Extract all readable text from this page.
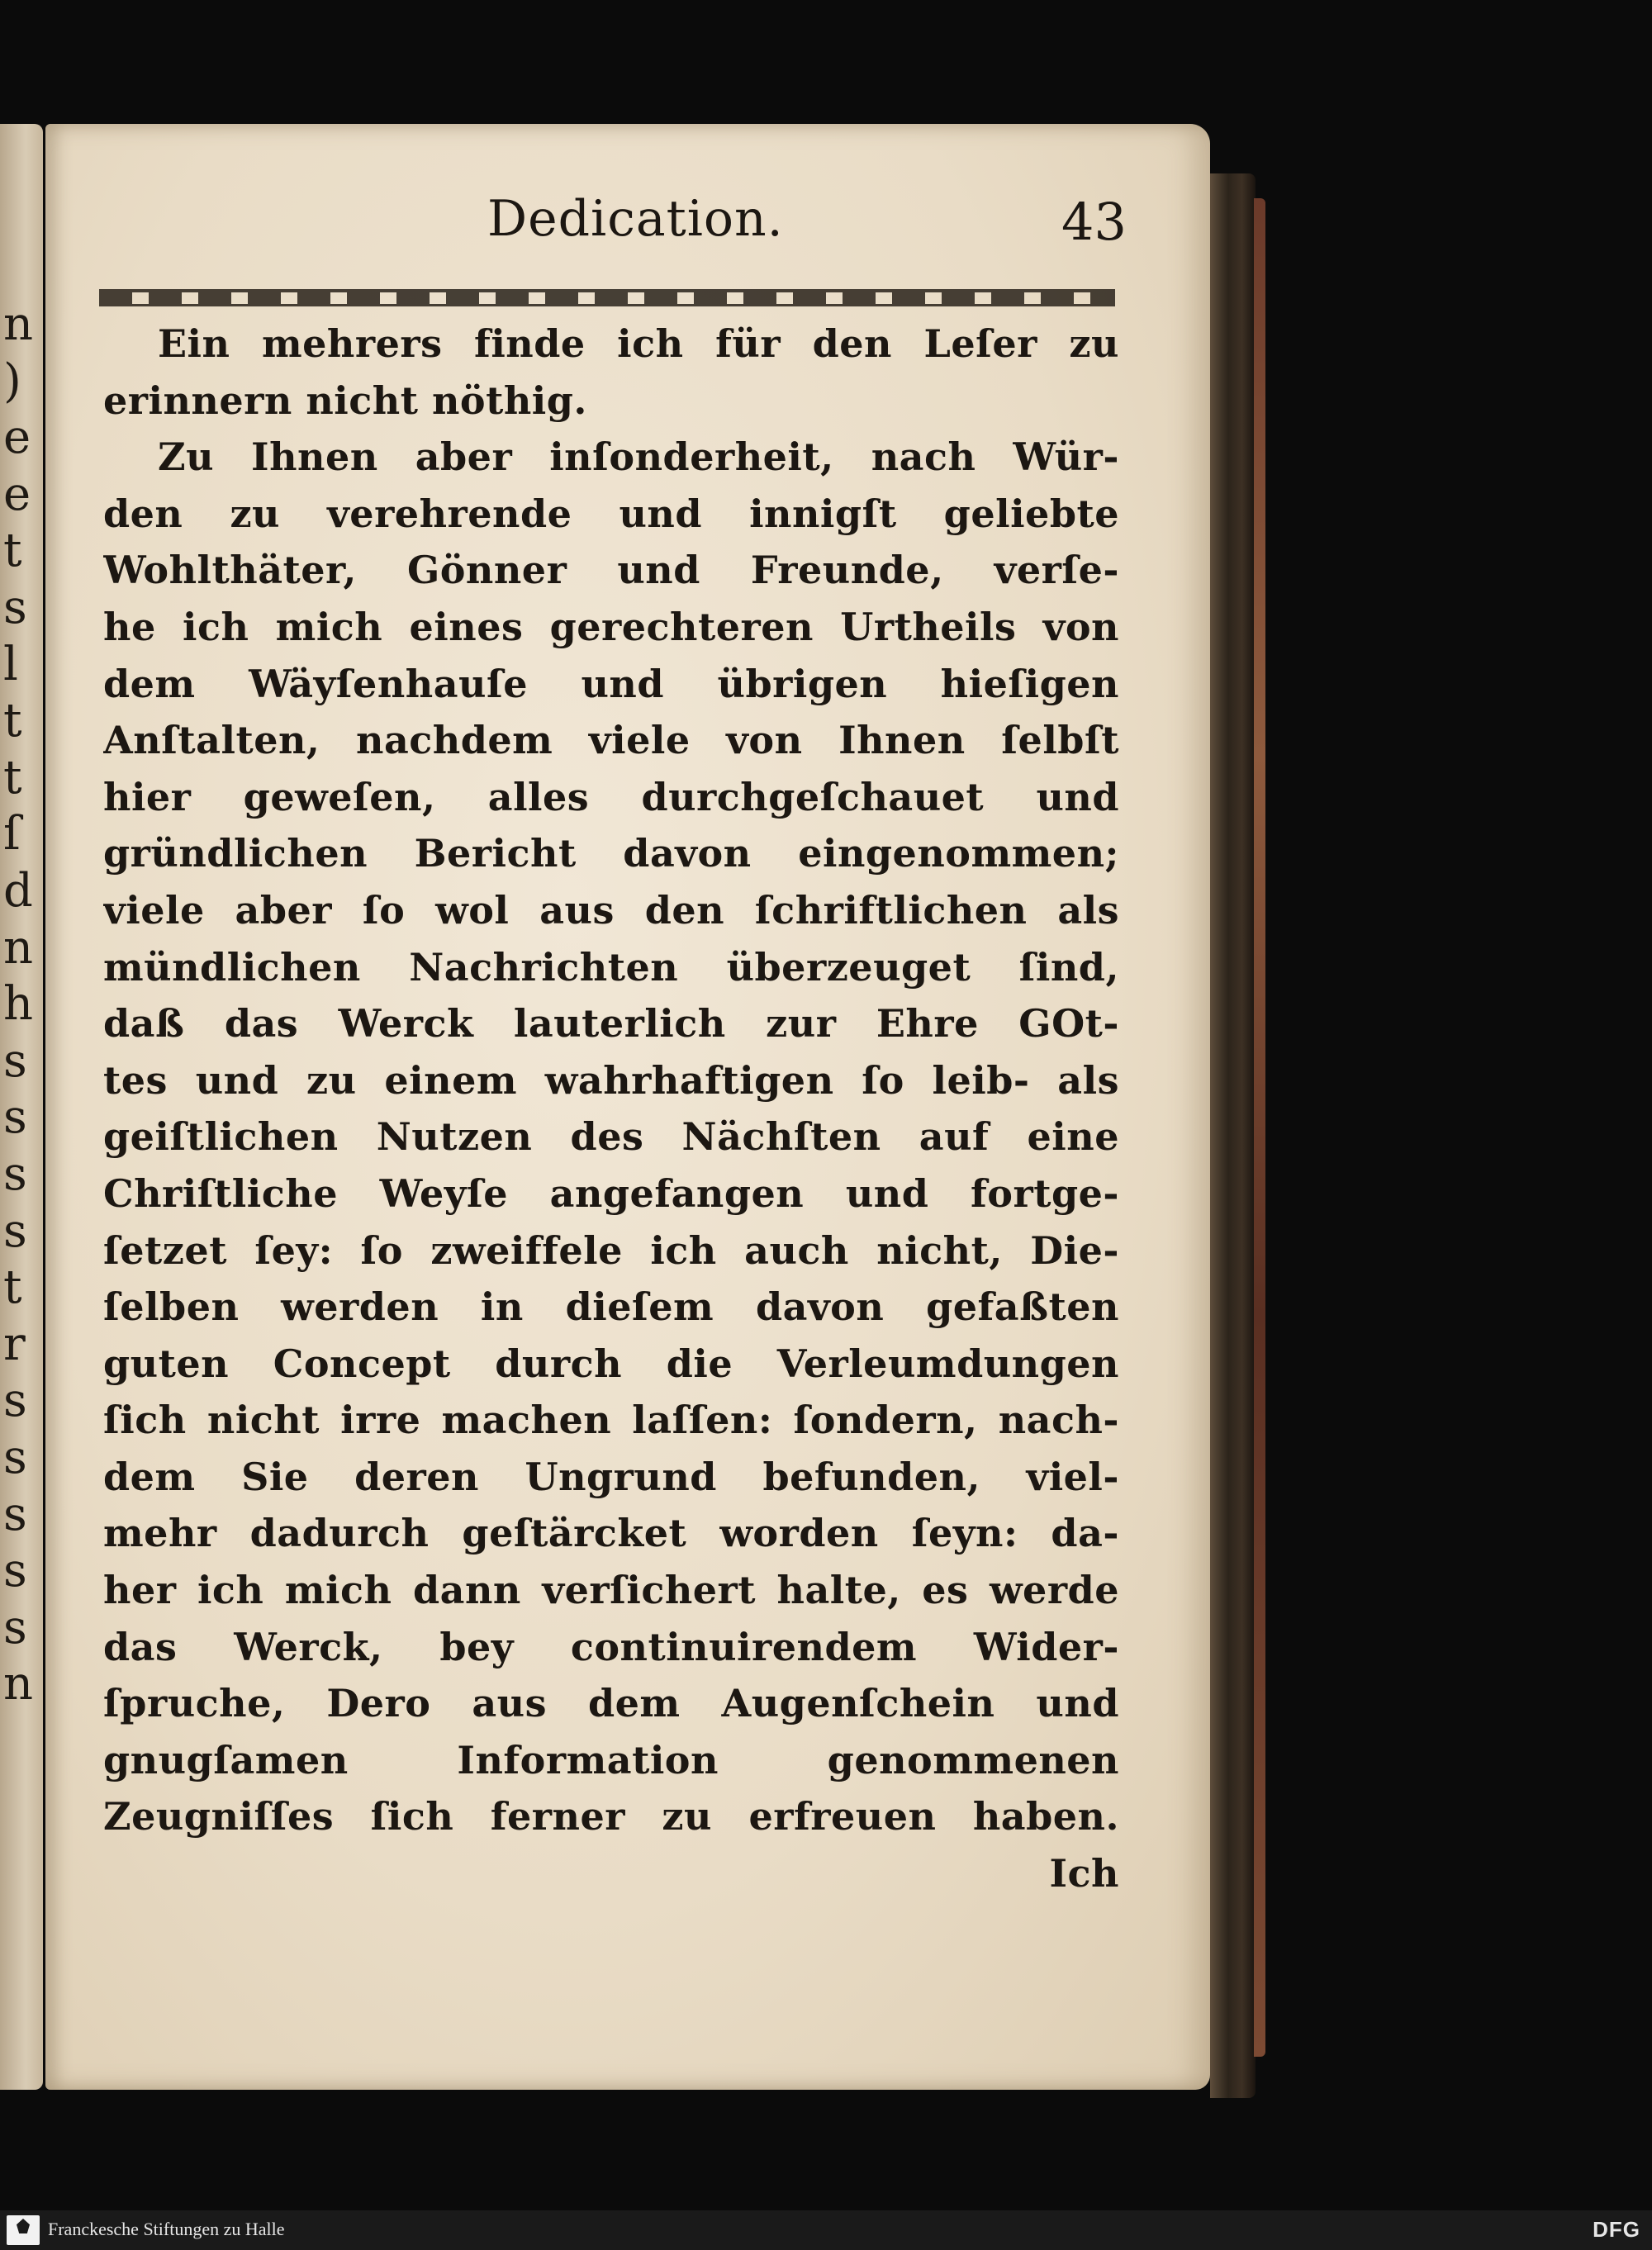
n
)
e
e
t
s
l
t
t
ſ
d
n
h
s
s
s
s
t
r
s
s
s
s
s
n
Dedication.	43
Ein mehrers finde ich für den Leſer zu
erinnern nicht nöthig.
Zu Ihnen aber inſonderheit, nach Wür-
den zu verehrende und innigſt geliebte
Wohlthäter, Gönner und Freunde, verſe-
he ich mich eines gerechteren Urtheils von
dem Wäyſenhauſe und übrigen hieſigen
Anſtalten, nachdem viele von Ihnen ſelbſt
hier geweſen, alles durchgeſchauet und
gründlichen Bericht davon eingenommen;
viele aber ſo wol aus den ſchriftlichen als
mündlichen Nachrichten überzeuget ſind,
daß das Werck lauterlich zur Ehre GOt-
tes und zu einem wahrhaftigen ſo leib- als
geiſtlichen Nutzen des Nächſten auf eine
Chriſtliche Weyſe angefangen und fortge-
ſetzet ſey: ſo zweiffele ich auch nicht, Die-
ſelben werden in dieſem davon gefaßten
guten Concept durch die Verleumdungen
ſich nicht irre machen laſſen: ſondern, nach-
dem Sie deren Ungrund befunden, viel-
mehr dadurch geſtärcket worden ſeyn: da-
her ich mich dann verſichert halte, es werde
das Werck, bey continuirendem Wider-
ſpruche, Dero aus dem Augenſchein und
gnugſamen Information genommenen
Zeugniſſes ſich ferner zu erfreuen haben.
Ich
Franckesche Stiftungen zu Halle	DFG
